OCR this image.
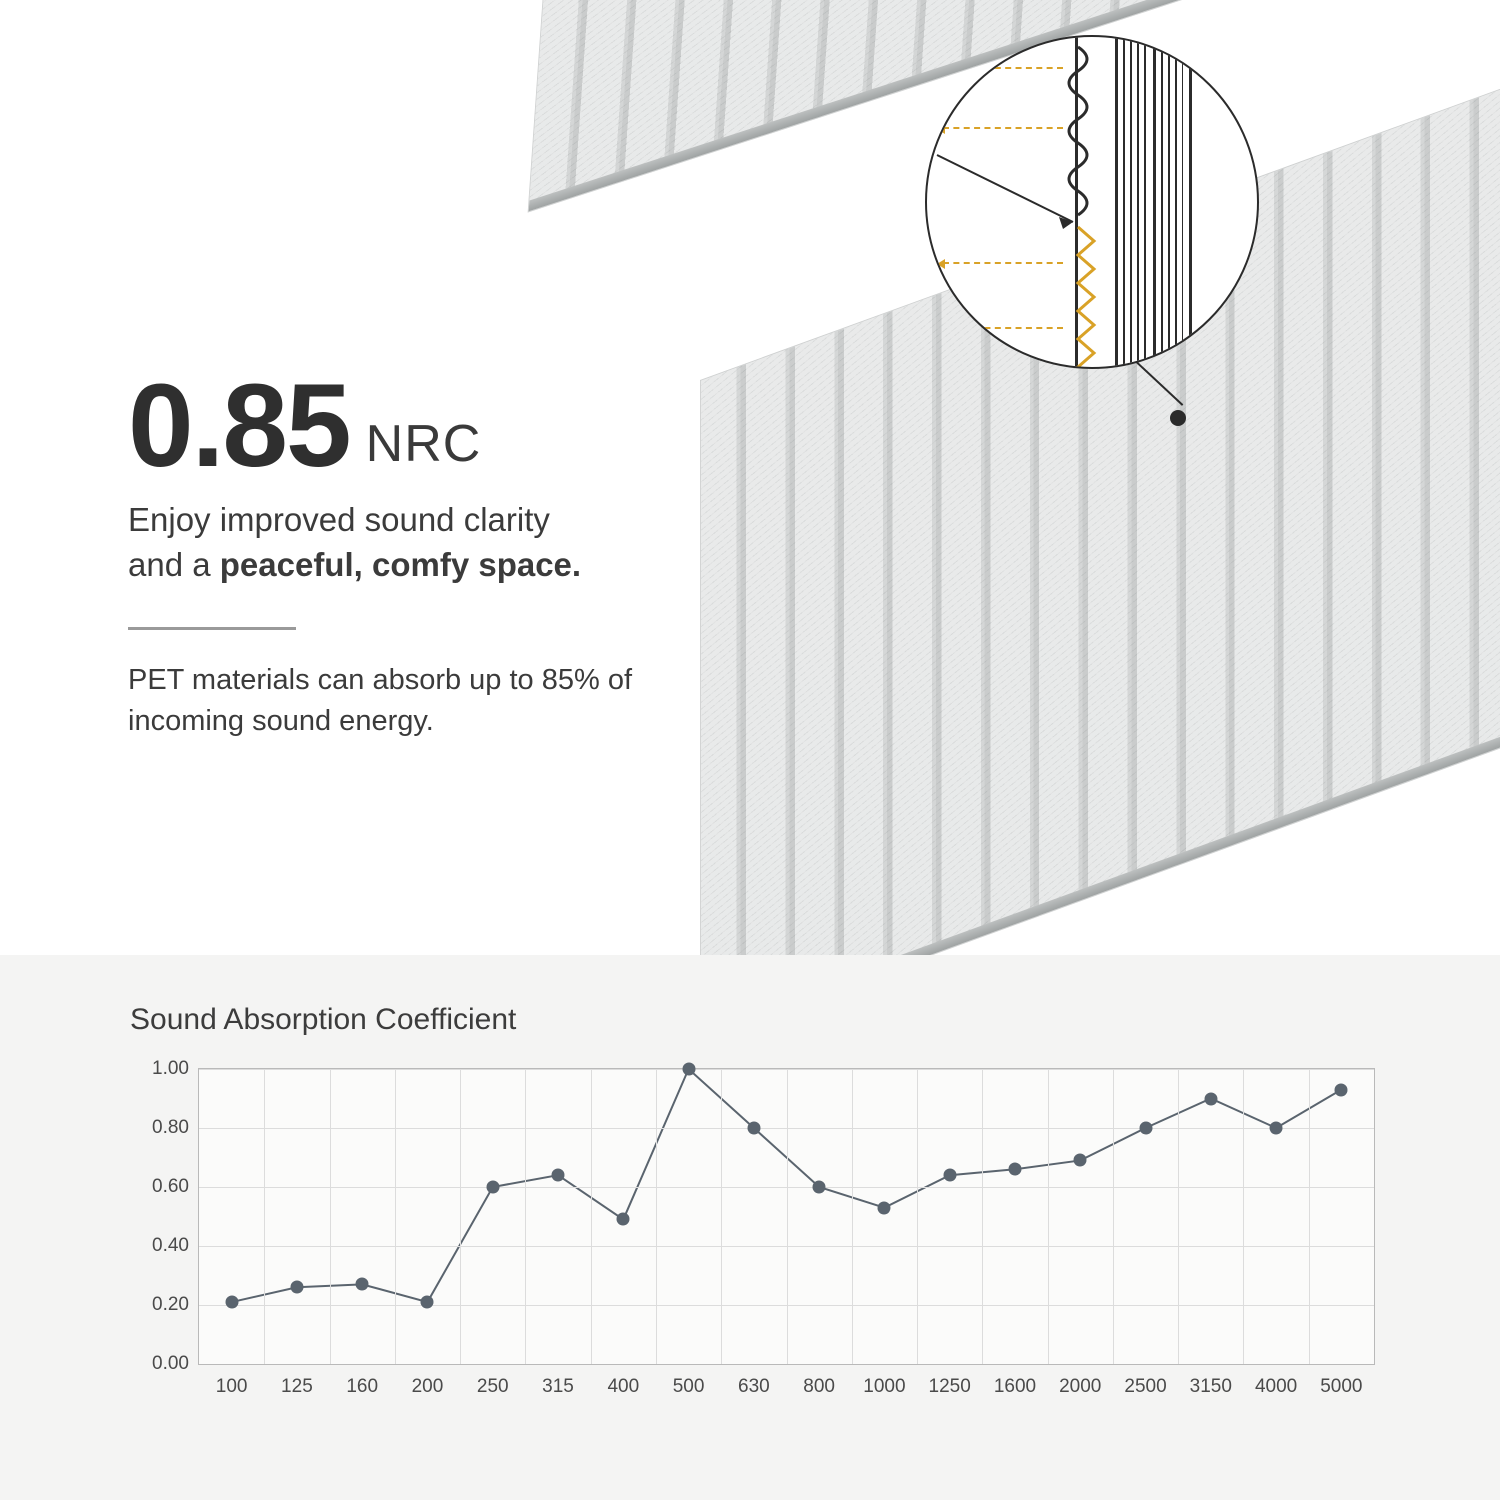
0.85 NRC
Enjoy improved sound clarity
and a peaceful, comfy space.
PET materials can absorb up to 85% of
incoming sound energy.
Sound Absorption Coefficient
0.00
0.20
0.40
0.60
0.80
1.00
100 125 160 200 250 315 400 500 630 800 1000 1250 1600 2000 2500 3150 4000 5000
